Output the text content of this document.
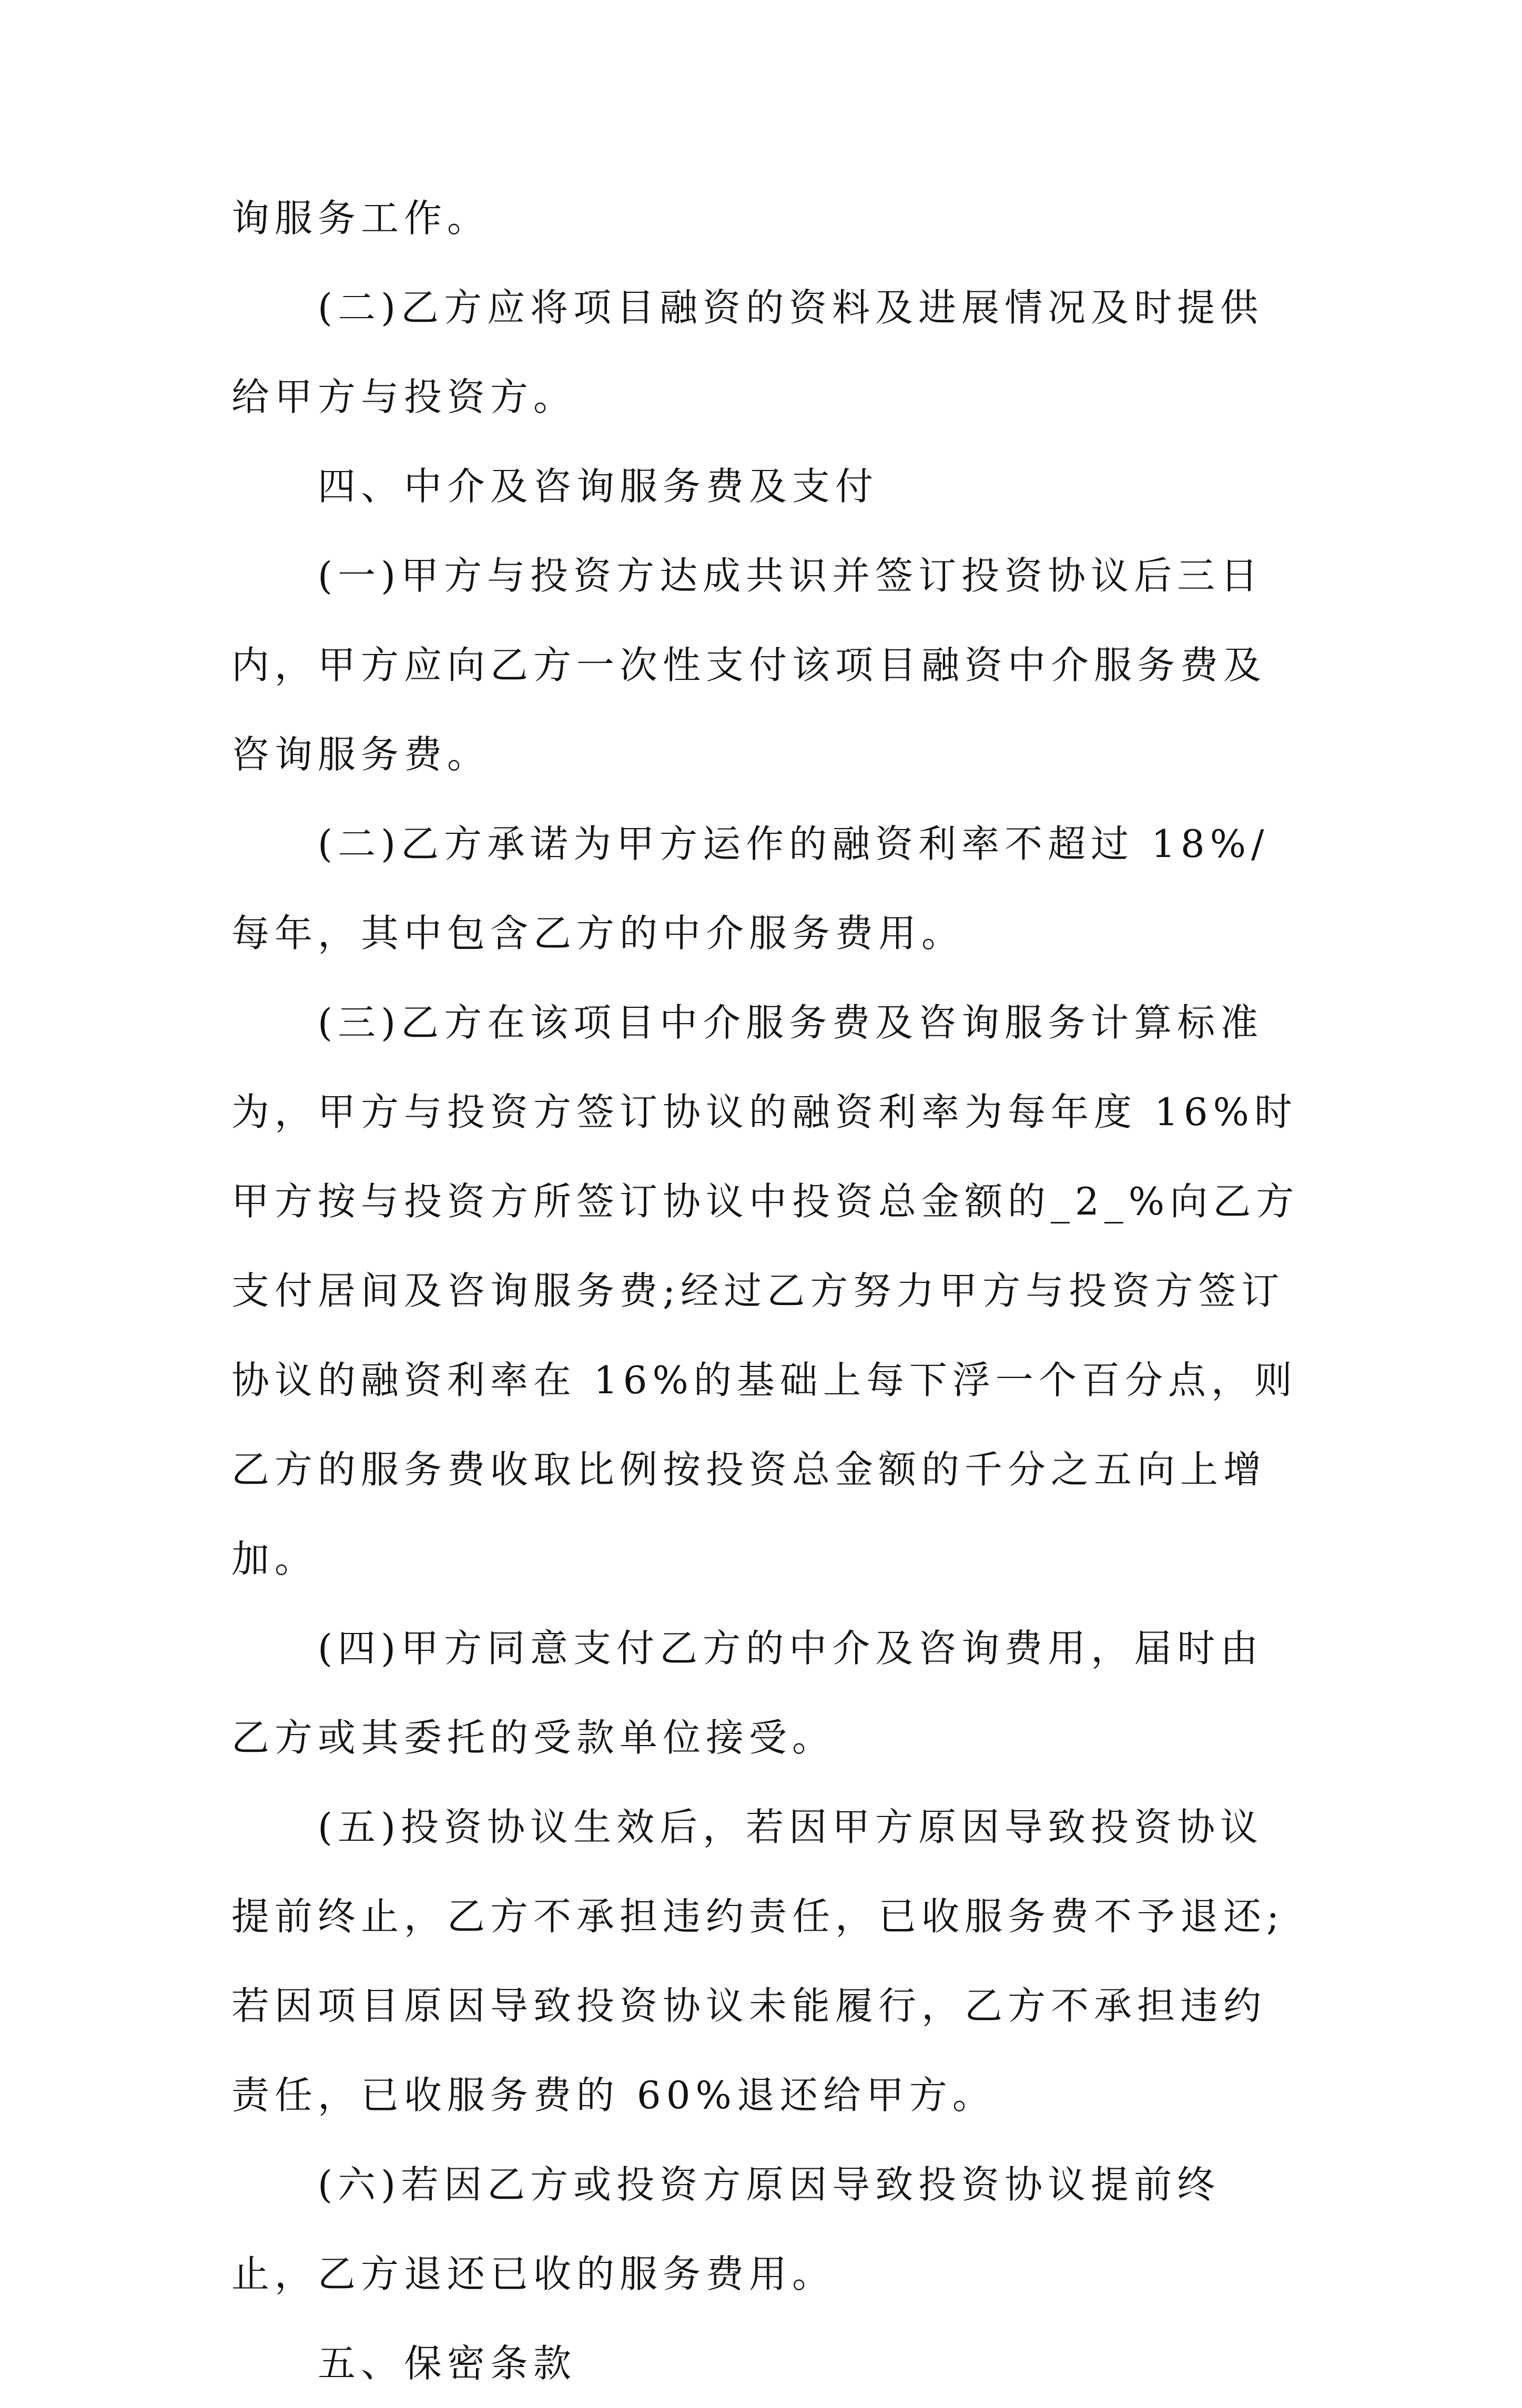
询服务工作。

(二)乙方应将项目融资的资料及进展情况及时提供给甲方与投资方。

四、中介及咨询服务费及支付

(一)甲方与投资方达成共识并签订投资协议后三日内，甲方应向乙方一次性支付该项目融资中介服务费及咨询服务费。

(二)乙方承诺为甲方运作的融资利率不超过 18%/每年，其中包含乙方的中介服务费用。

(三)乙方在该项目中介服务费及咨询服务计算标准为，甲方与投资方签订协议的融资利率为每年度 16%时甲方按与投资方所签订协议中投资总金额的_2_%向乙方支付居间及咨询服务费;经过乙方努力甲方与投资方签订协议的融资利率在 16%的基础上每下浮一个百分点，则乙方的服务费收取比例按投资总金额的千分之五向上增加。

(四)甲方同意支付乙方的中介及咨询费用，届时由乙方或其委托的受款单位接受。

(五)投资协议生效后，若因甲方原因导致投资协议提前终止，乙方不承担违约责任，已收服务费不予退还;若因项目原因导致投资协议未能履行，乙方不承担违约责任，已收服务费的 60%退还给甲方。

(六)若因乙方或投资方原因导致投资协议提前终止，乙方退还已收的服务费用。

五、保密条款
